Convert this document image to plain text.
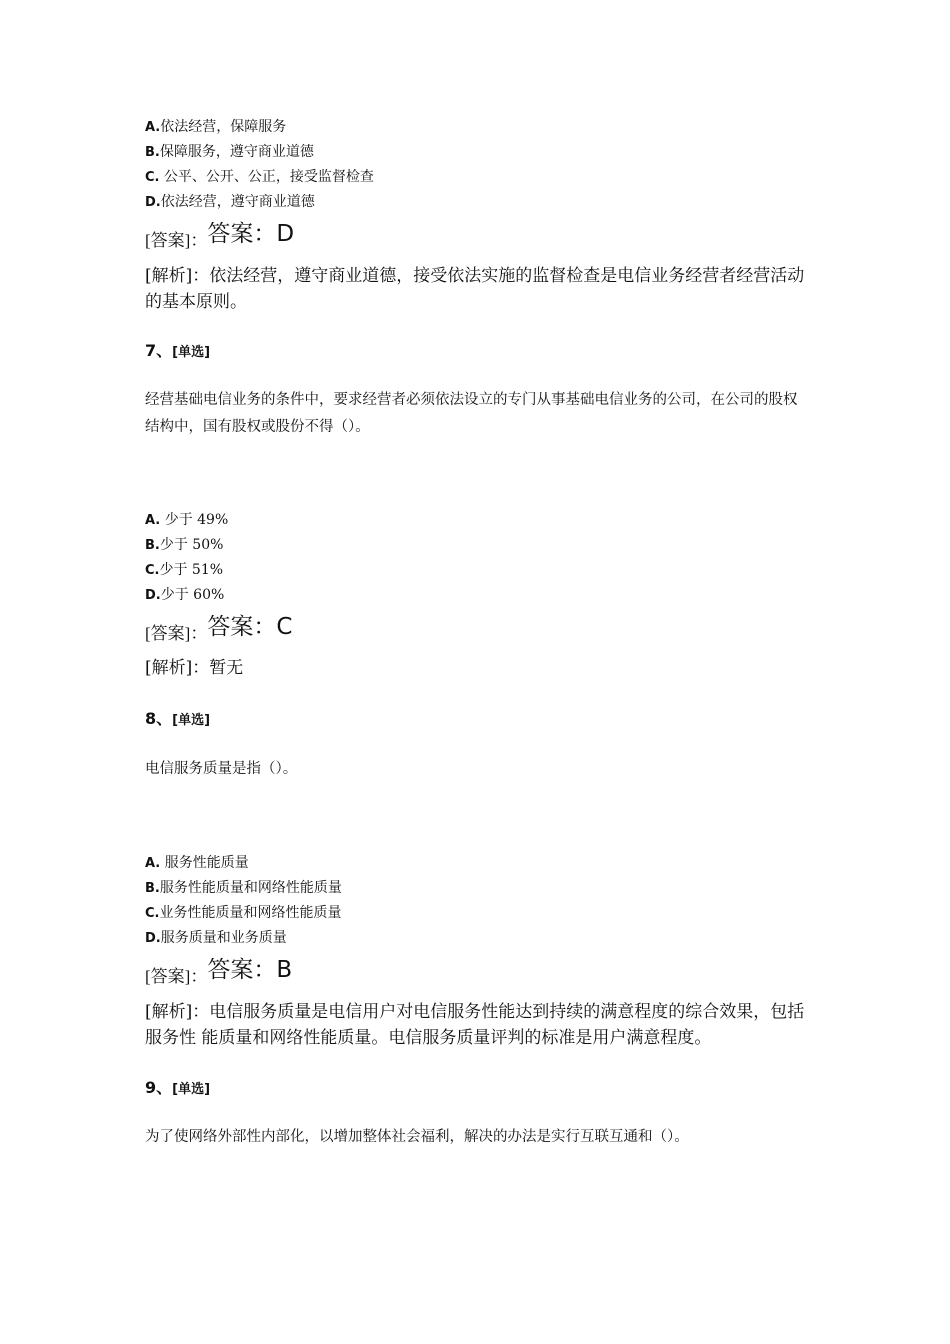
A.依法经营，保障服务
B.保障服务，遵守商业道德
C. 公平、公开、公正，接受监督检查
D.依法经营，遵守商业道德
[答案]：答案：D
[解析]：依法经营，遵守商业道德，接受依法实施的监督检查是电信业务经营者经营活动的基本原则。
7、[单选]
经营基础电信业务的条件中，要求经营者必须依法设立的专门从事基础电信业务的公司，在公司的股权结构中，国有股权或股份不得（）。
A. 少于 49%
B.少于 50%
C.少于 51%
D.少于 60%
[答案]：答案：C
[解析]：暂无
8、[单选]
电信服务质量是指（）。
A. 服务性能质量
B.服务性能质量和网络性能质量
C.业务性能质量和网络性能质量
D.服务质量和业务质量
[答案]：答案：B
[解析]：电信服务质量是电信用户对电信服务性能达到持续的满意程度的综合效果，包括服务性 能质量和网络性能质量。电信服务质量评判的标准是用户满意程度。
9、[单选]
为了使网络外部性内部化，以增加整体社会福利，解决的办法是实行互联互通和（）。
